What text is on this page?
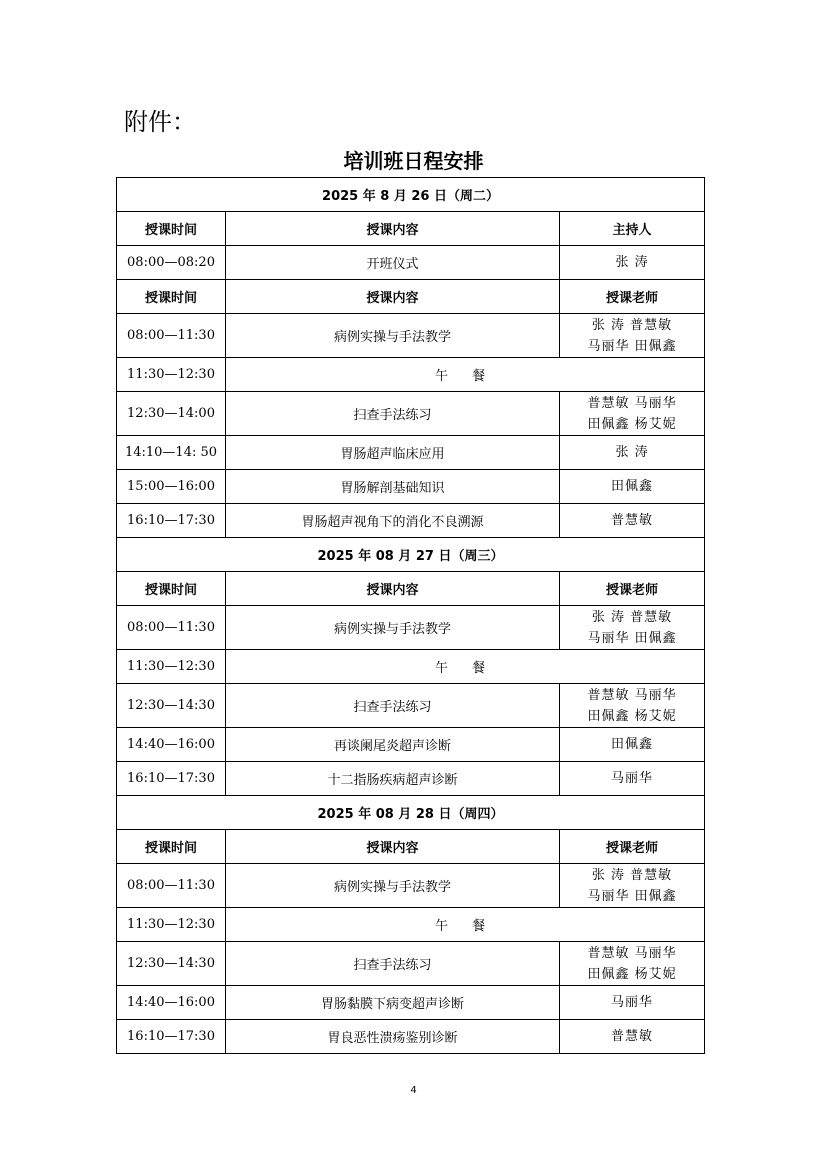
附件：
培训班日程安排
2025 年 8 月 26 日（周二）		
授课时间	授课内容	主持人
08:00—08:20	开班仪式	张 涛

授课时间	授课内容	授课老师
08:00—11:30	病例实操与手法教学	张 涛 普慧敏
马丽华 田佩鑫

11:30—12:30	午 餐	
12:30—14:00	扫查手法练习	普慧敏 马丽华
田佩鑫 杨艾妮

14:10—14: 50	胃肠超声临床应用	张 涛

15:00—16:00	胃肠解剖基础知识	田佩鑫

16:10—17:30	胃肠超声视角下的消化不良溯源	普慧敏

2025 年 08 月 27 日（周三）		
授课时间	授课内容	授课老师
08:00—11:30	病例实操与手法教学	张 涛 普慧敏
马丽华 田佩鑫

11:30—12:30	午 餐	
12:30—14:30	扫查手法练习	普慧敏 马丽华
田佩鑫 杨艾妮

14:40—16:00	再谈阑尾炎超声诊断	田佩鑫

16:10—17:30	十二指肠疾病超声诊断	马丽华

2025 年 08 月 28 日（周四）		
授课时间	授课内容	授课老师
08:00—11:30	病例实操与手法教学	张 涛 普慧敏
马丽华 田佩鑫

11:30—12:30	午 餐	
12:30—14:30	扫查手法练习	普慧敏 马丽华
田佩鑫 杨艾妮

14:40—16:00	胃肠黏膜下病变超声诊断	马丽华

16:10—17:30	胃良恶性溃疡鉴别诊断	普慧敏
4
